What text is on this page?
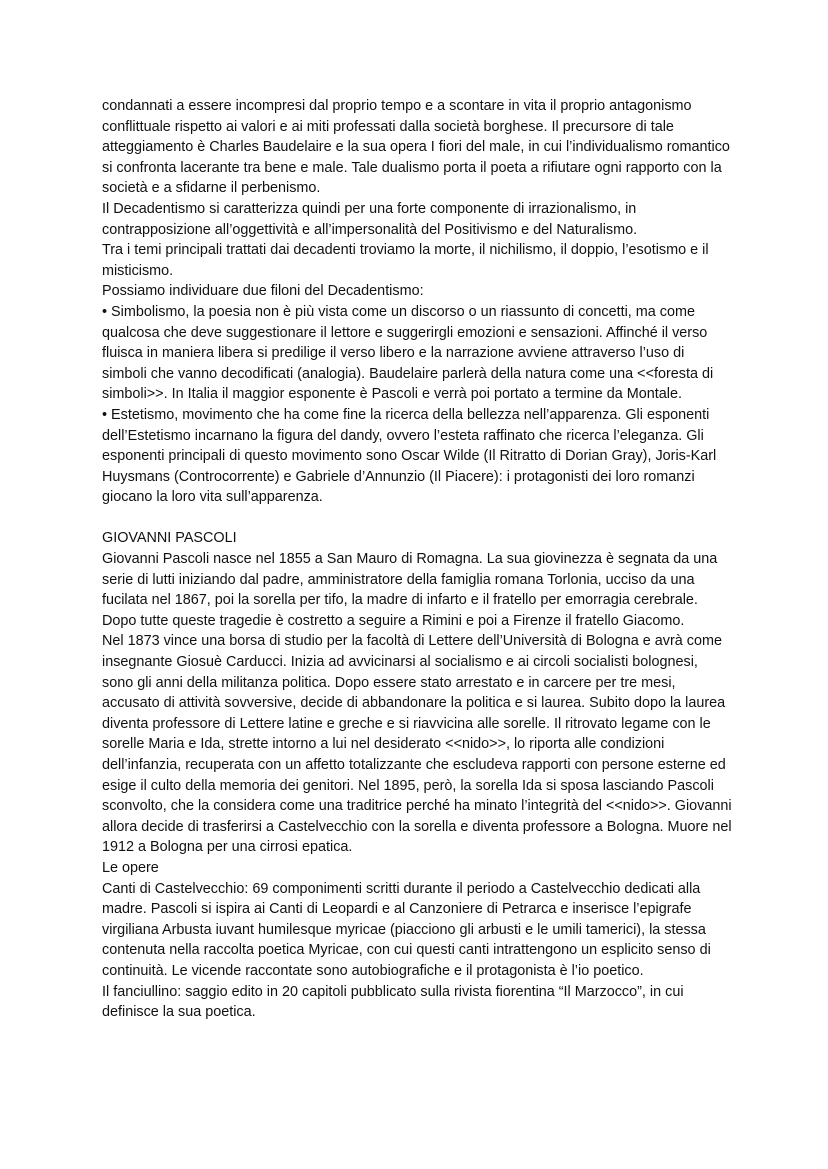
condannati a essere incompresi dal proprio tempo e a scontare in vita il proprio antagonismo conflittuale rispetto ai valori e ai miti professati dalla società borghese. Il precursore di tale atteggiamento è Charles Baudelaire e la sua opera I fiori del male, in cui l’individualismo romantico si confronta lacerante tra bene e male. Tale dualismo porta il poeta a rifiutare ogni rapporto con la società e a sfidarne il perbenismo.

Il Decadentismo si caratterizza quindi per una forte componente di irrazionalismo, in contrapposizione all’oggettività e all’impersonalità del Positivismo e del Naturalismo.

Tra i temi principali trattati dai decadenti troviamo la morte, il nichilismo, il doppio, l’esotismo e il misticismo.

Possiamo individuare due filoni del Decadentismo:

• Simbolismo, la poesia non è più vista come un discorso o un riassunto di concetti, ma come qualcosa che deve suggestionare il lettore e suggerirgli emozioni e sensazioni. Affinché il verso fluisca in maniera libera si predilige il verso libero e la narrazione avviene attraverso l’uso di simboli che vanno decodificati (analogia). Baudelaire parlerà della natura come una <<foresta di simboli>>. In Italia il maggior esponente è Pascoli e verrà poi portato a termine da Montale.

• Estetismo, movimento che ha come fine la ricerca della bellezza nell’apparenza. Gli esponenti dell’Estetismo incarnano la figura del dandy, ovvero l’esteta raffinato che ricerca l’eleganza. Gli esponenti principali di questo movimento sono Oscar Wilde (Il Ritratto di Dorian Gray), Joris-Karl Huysmans (Controcorrente) e Gabriele d’Annunzio (Il Piacere): i protagonisti dei loro romanzi giocano la loro vita sull’apparenza.

GIOVANNI PASCOLI

Giovanni Pascoli nasce nel 1855 a San Mauro di Romagna. La sua giovinezza è segnata da una serie di lutti iniziando dal padre, amministratore della famiglia romana Torlonia, ucciso da una fucilata nel 1867, poi la sorella per tifo, la madre di infarto e il fratello per emorragia cerebrale. Dopo tutte queste tragedie è costretto a seguire a Rimini e poi a Firenze il fratello Giacomo.

Nel 1873 vince una borsa di studio per la facoltà di Lettere dell’Università di Bologna e avrà come insegnante Giosuè Carducci. Inizia ad avvicinarsi al socialismo e ai circoli socialisti bolognesi, sono gli anni della militanza politica. Dopo essere stato arrestato e in carcere per tre mesi, accusato di attività sovversive, decide di abbandonare la politica e si laurea. Subito dopo la laurea diventa professore di Lettere latine e greche e si riavvicina alle sorelle. Il ritrovato legame con le sorelle Maria e Ida, strette intorno a lui nel desiderato <<nido>>, lo riporta alle condizioni dell’infanzia, recuperata con un affetto totalizzante che escludeva rapporti con persone esterne ed esige il culto della memoria dei genitori. Nel 1895, però, la sorella Ida si sposa lasciando Pascoli sconvolto, che la considera come una traditrice perché ha minato l’integrità del <<nido>>. Giovanni allora decide di trasferirsi a Castelvecchio con la sorella e diventa professore a Bologna. Muore nel 1912 a Bologna per una cirrosi epatica.

Le opere

Canti di Castelvecchio: 69 componimenti scritti durante il periodo a Castelvecchio dedicati alla madre. Pascoli si ispira ai Canti di Leopardi e al Canzoniere di Petrarca e inserisce l’epigrafe virgiliana Arbusta iuvant humilesque myricae (piacciono gli arbusti e le umili tamerici), la stessa contenuta nella raccolta poetica Myricae, con cui questi canti intrattengono un esplicito senso di continuità. Le vicende raccontate sono autobiografiche e il protagonista è l’io poetico.

Il fanciullino: saggio edito in 20 capitoli pubblicato sulla rivista fiorentina “Il Marzocco”, in cui definisce la sua poetica.
